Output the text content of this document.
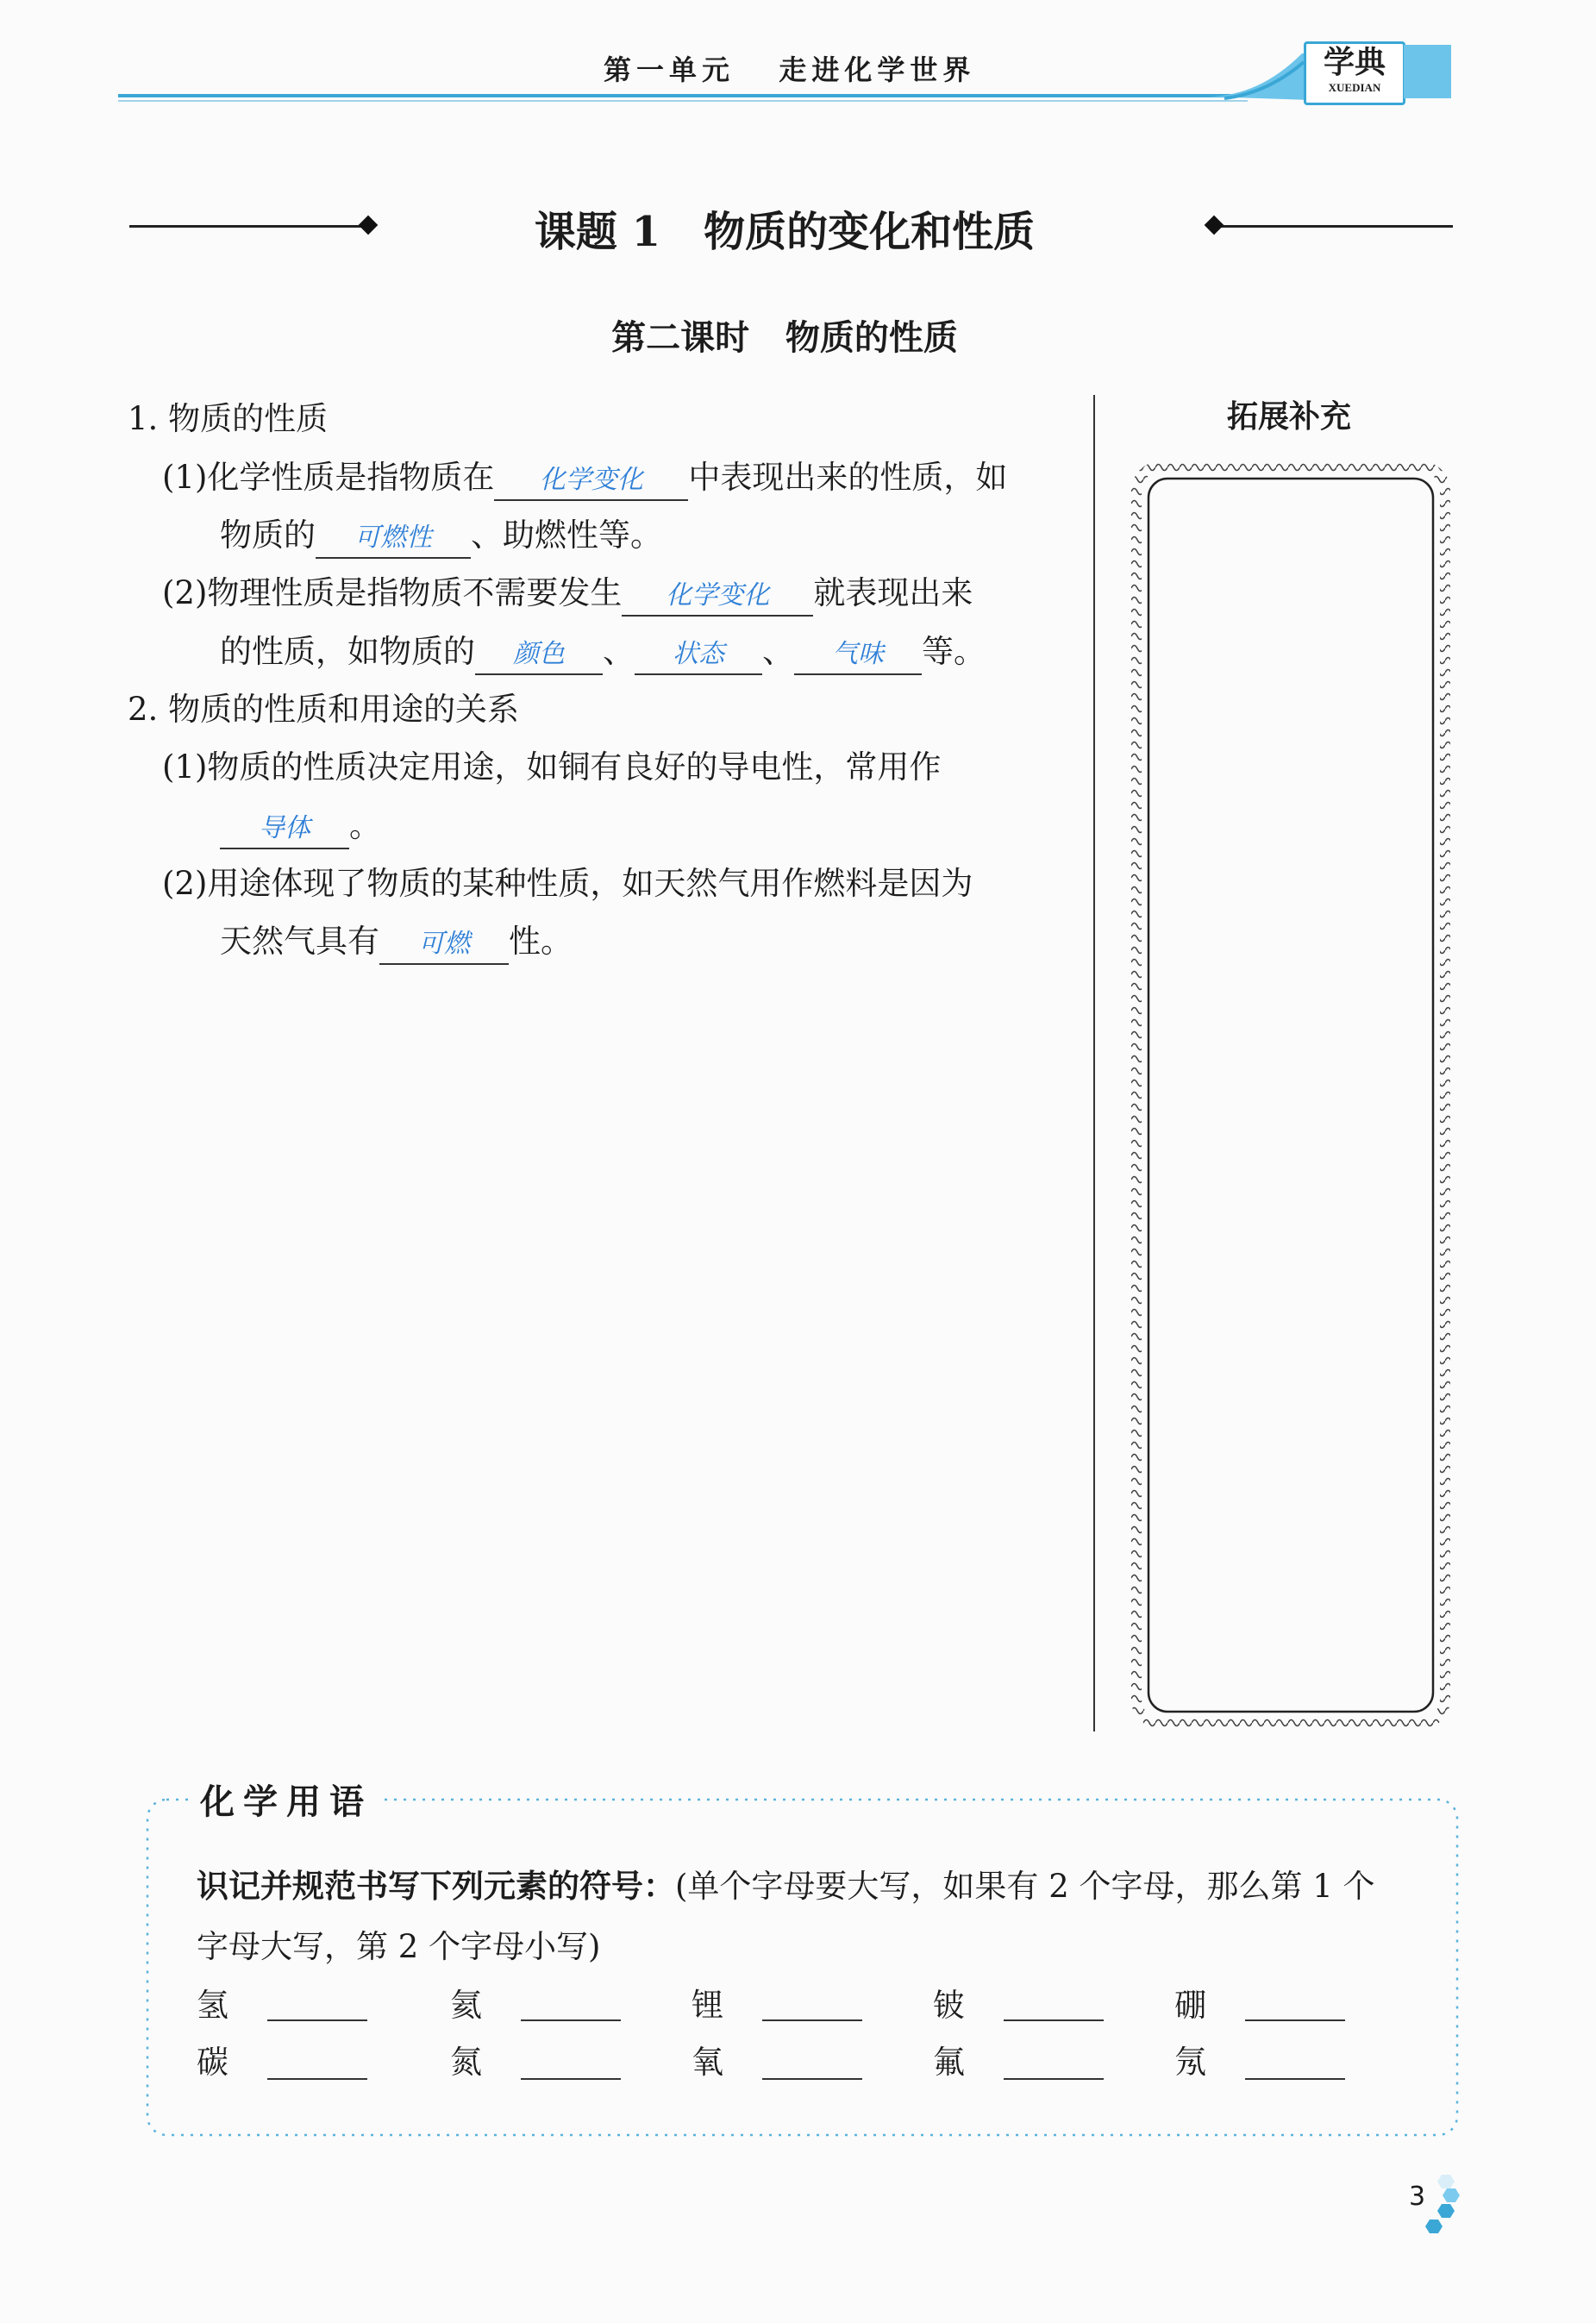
第一单元   走进化学世界	学典
XUEDIAN
课题 1   物质的变化和性质
第二课时   物质的性质
1. 物质的性质
(1)化学性质是指物质在 化学变化 中表现出来的性质，如
物质的 可燃性 、助燃性等。
(2)物理性质是指物质不需要发生 化学变化 就表现出来
的性质，如物质的 颜色 、 状态 、 气味 等。
2. 物质的性质和用途的关系
(1)物质的性质决定用途，如铜有良好的导电性，常用作
导体 。
(2)用途体现了物质的某种性质，如天然气用作燃料是因为
天然气具有 可燃 性。
拓展补充
化学用语
识记并规范书写下列元素的符号：(单个字母要大写，如果有 2 个字母，那么第 1 个
字母大写，第 2 个字母小写)
氢	氦	锂	铍	硼
碳	氮	氧	氟	氖
3
